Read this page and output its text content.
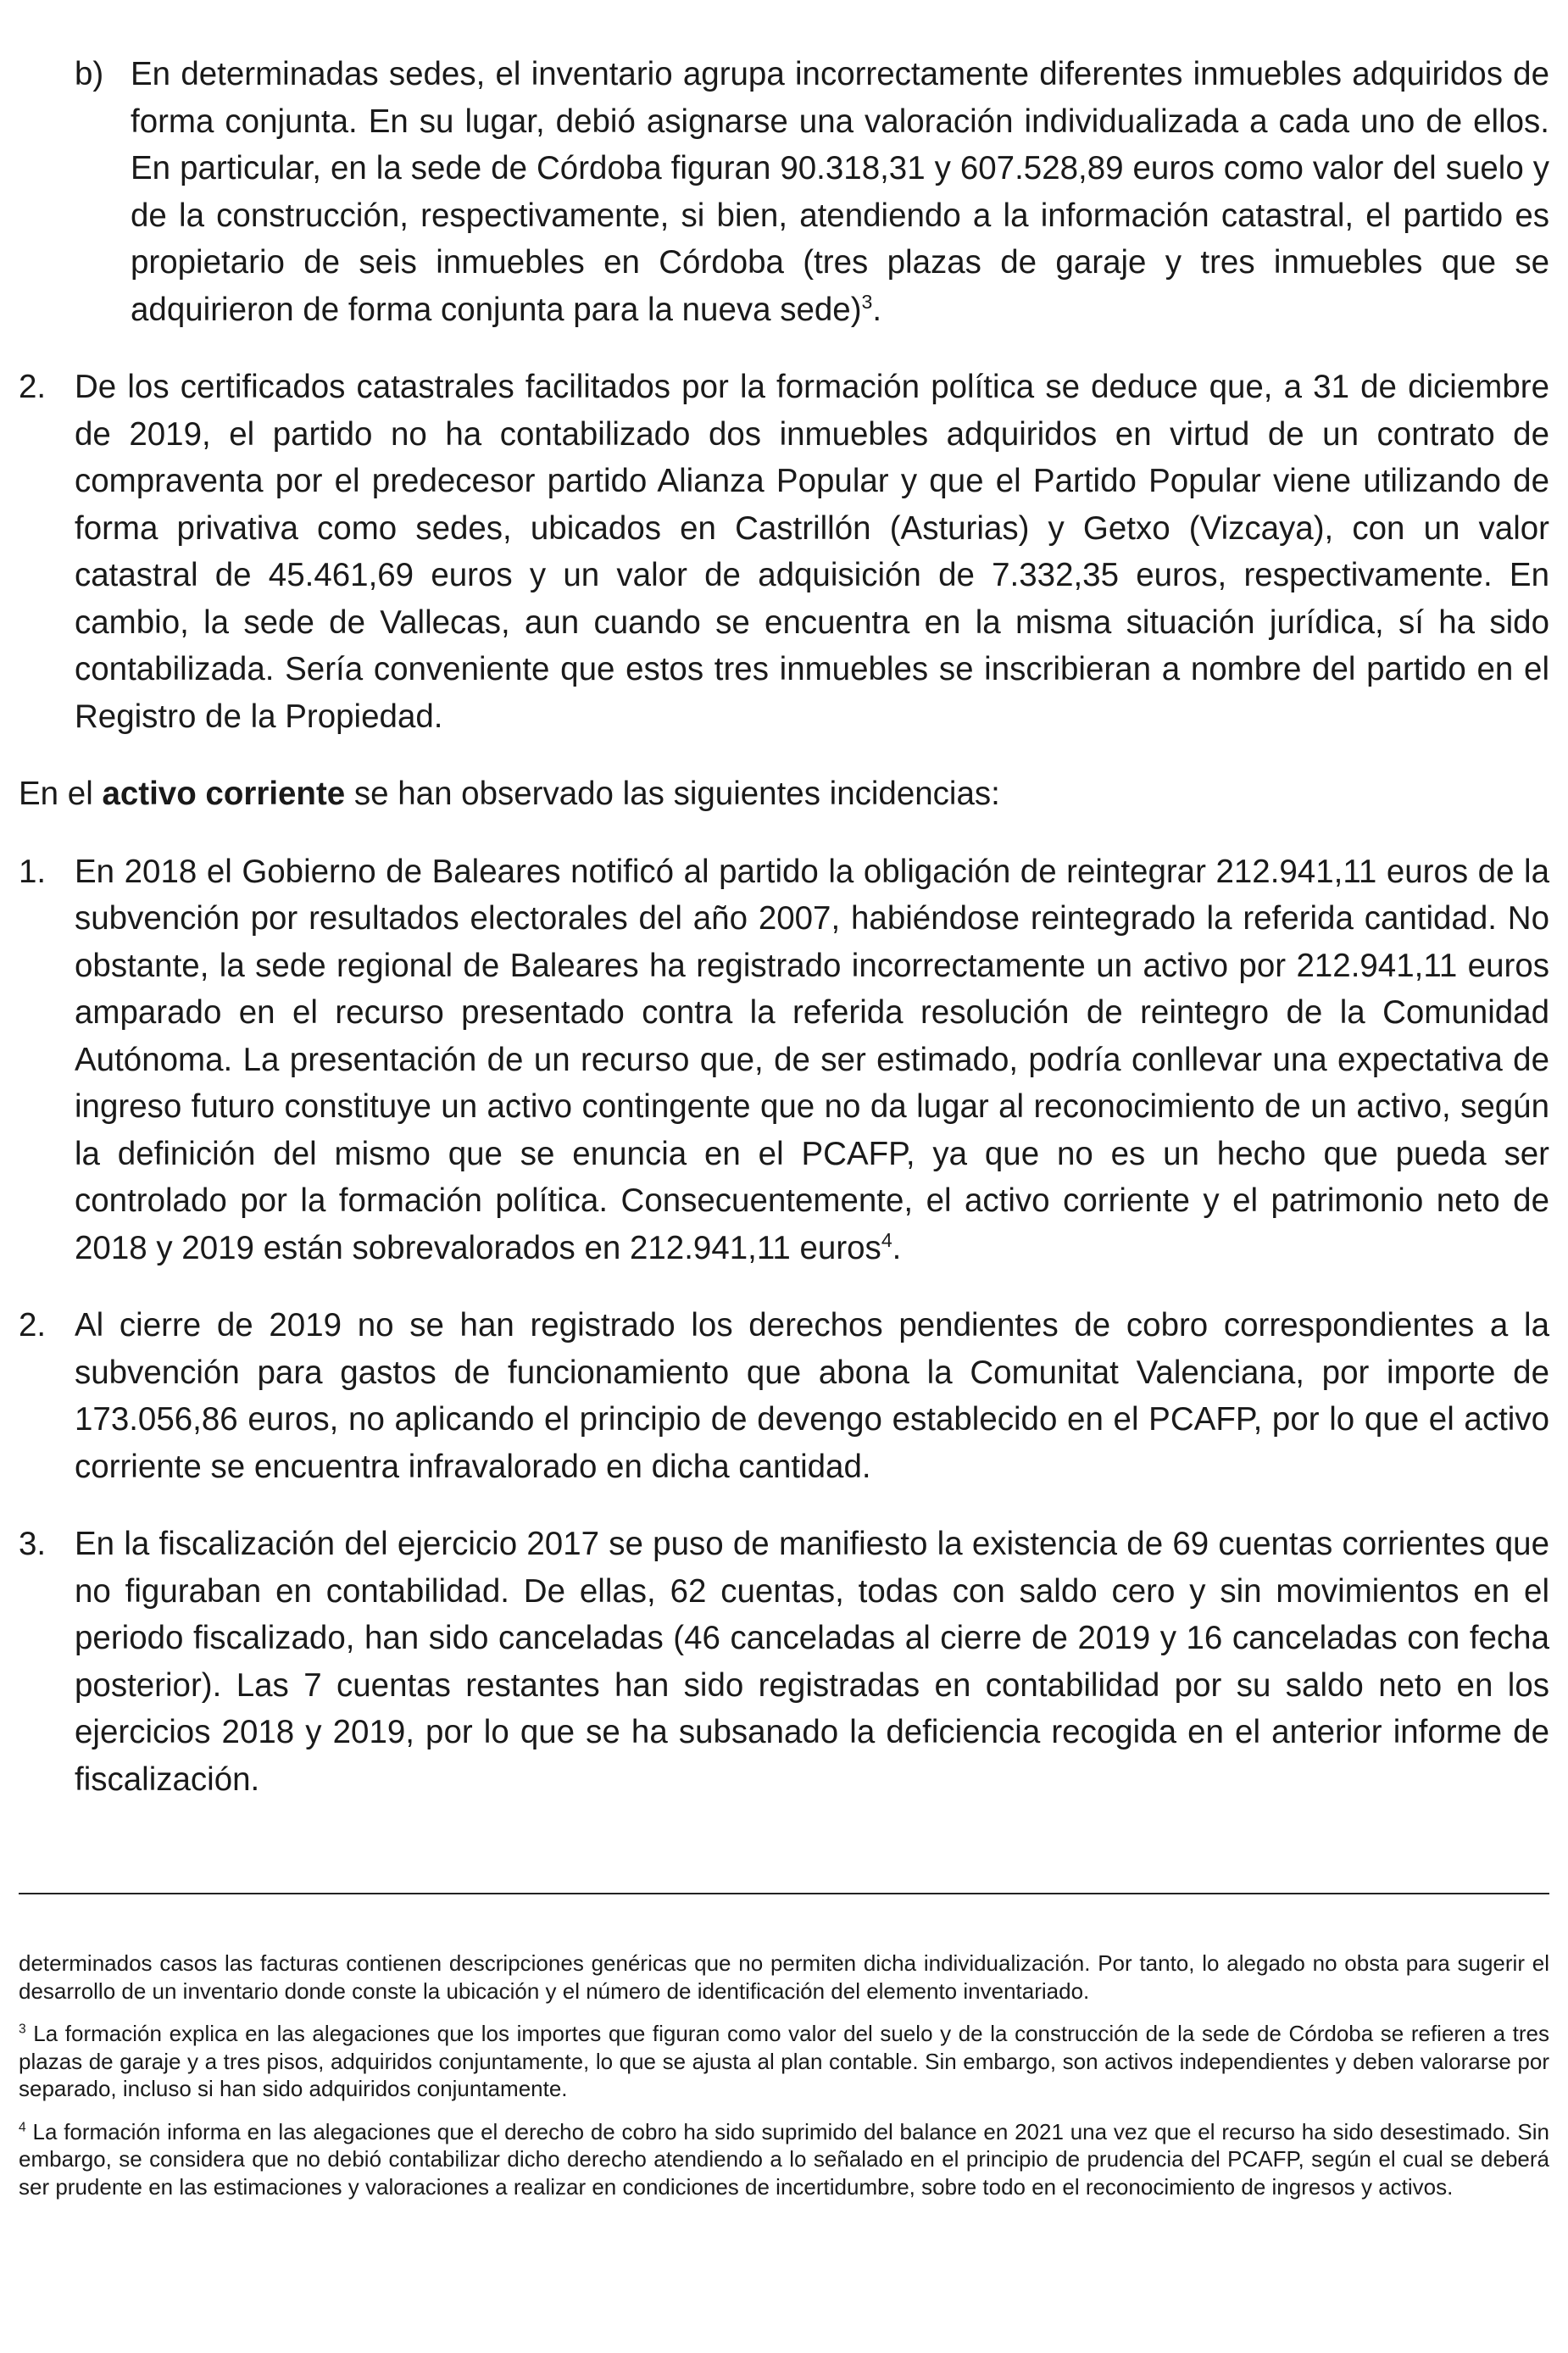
b) En determinadas sedes, el inventario agrupa incorrectamente diferentes inmuebles adquiridos de forma conjunta. En su lugar, debió asignarse una valoración individualizada a cada uno de ellos. En particular, en la sede de Córdoba figuran 90.318,31 y 607.528,89 euros como valor del suelo y de la construcción, respectivamente, si bien, atendiendo a la información catastral, el partido es propietario de seis inmuebles en Córdoba (tres plazas de garaje y tres inmuebles que se adquirieron de forma conjunta para la nueva sede)$^3$.
2. De los certificados catastrales facilitados por la formación política se deduce que, a 31 de diciembre de 2019, el partido no ha contabilizado dos inmuebles adquiridos en virtud de un contrato de compraventa por el predecesor partido Alianza Popular y que el Partido Popular viene utilizando de forma privativa como sedes, ubicados en Castrillón (Asturias) y Getxo (Vizcaya), con un valor catastral de 45.461,69 euros y un valor de adquisición de 7.332,35 euros, respectivamente. En cambio, la sede de Vallecas, aun cuando se encuentra en la misma situación jurídica, sí ha sido contabilizada. Sería conveniente que estos tres inmuebles se inscribieran a nombre del partido en el Registro de la Propiedad.

En el activo corriente se han observado las siguientes incidencias:

1. En 2018 el Gobierno de Baleares notificó al partido la obligación de reintegrar 212.941,11 euros de la subvención por resultados electorales del año 2007, habiéndose reintegrado la referida cantidad. No obstante, la sede regional de Baleares ha registrado incorrectamente un activo por 212.941,11 euros amparado en el recurso presentado contra la referida resolución de reintegro de la Comunidad Autónoma. La presentación de un recurso que, de ser estimado, podría conllevar una expectativa de ingreso futuro constituye un activo contingente que no da lugar al reconocimiento de un activo, según la definición del mismo que se enuncia en el PCAFP, ya que no es un hecho que pueda ser controlado por la formación política. Consecuentemente, el activo corriente y el patrimonio neto de 2018 y 2019 están sobrevalorados en 212.941,11 euros$^4$.
2. Al cierre de 2019 no se han registrado los derechos pendientes de cobro correspondientes a la subvención para gastos de funcionamiento que abona la Comunitat Valenciana, por importe de 173.056,86 euros, no aplicando el principio de devengo establecido en el PCAFP, por lo que el activo corriente se encuentra infravalorado en dicha cantidad.
3. En la fiscalización del ejercicio 2017 se puso de manifiesto la existencia de 69 cuentas corrientes que no figuraban en contabilidad. De ellas, 62 cuentas, todas con saldo cero y sin movimientos en el periodo fiscalizado, han sido canceladas (46 canceladas al cierre de 2019 y 16 canceladas con fecha posterior). Las 7 cuentas restantes han sido registradas en contabilidad por su saldo neto en los ejercicios 2018 y 2019, por lo que se ha subsanado la deficiencia recogida en el anterior informe de fiscalización.

determinados casos las facturas contienen descripciones genéricas que no permiten dicha individualización. Por tanto, lo alegado no obsta para sugerir el desarrollo de un inventario donde conste la ubicación y el número de identificación del elemento inventariado.

$^3$ La formación explica en las alegaciones que los importes que figuran como valor del suelo y de la construcción de la sede de Córdoba se refieren a tres plazas de garaje y a tres pisos, adquiridos conjuntamente, lo que se ajusta al plan contable. Sin embargo, son activos independientes y deben valorarse por separado, incluso si han sido adquiridos conjuntamente.

$^4$ La formación informa en las alegaciones que el derecho de cobro ha sido suprimido del balance en 2021 una vez que el recurso ha sido desestimado. Sin embargo, se considera que no debió contabilizar dicho derecho atendiendo a lo señalado en el principio de prudencia del PCAFP, según el cual se deberá ser prudente en las estimaciones y valoraciones a realizar en condiciones de incertidumbre, sobre todo en el reconocimiento de ingresos y activos.
